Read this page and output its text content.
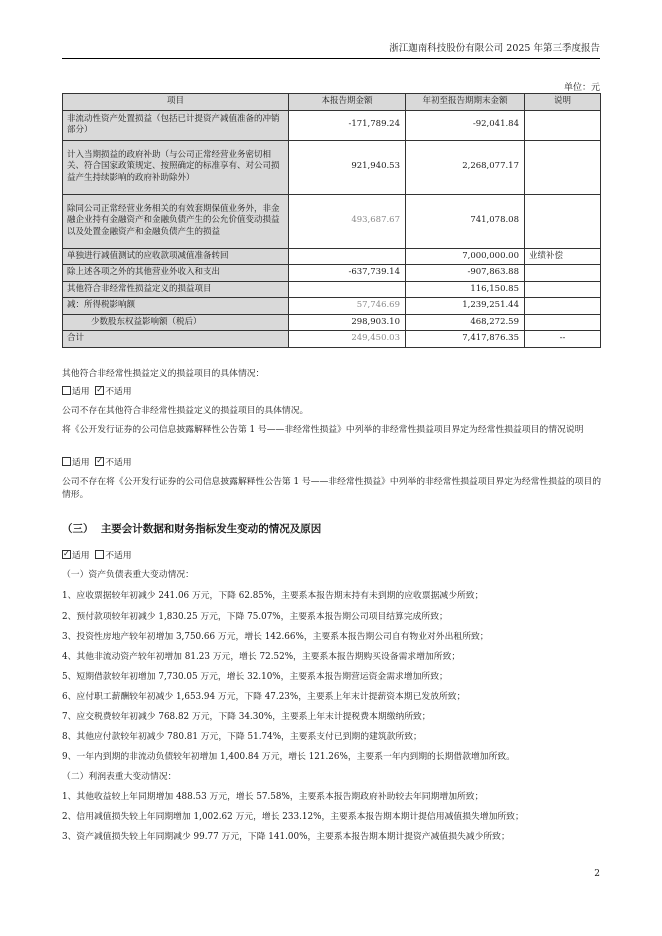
浙江迦南科技股份有限公司 2025 年第三季度报告
单位：元
项目	本报告期金额	年初至报告期期末金额	说明
非流动性资产处置损益（包括已计提资产减值准备的冲销部分）	-171,789.24	-92,041.84	
计入当期损益的政府补助（与公司正常经营业务密切相关、符合国家政策规定、按照确定的标准享有、对公司损益产生持续影响的政府补助除外）	921,940.53	2,268,077.17	
除同公司正常经营业务相关的有效套期保值业务外，非金融企业持有金融资产和金融负债产生的公允价值变动损益以及处置金融资产和金融负债产生的损益	493,687.67	741,078.08	
单独进行减值测试的应收款项减值准备转回		7,000,000.00	业绩补偿
除上述各项之外的其他营业外收入和支出	-637,739.14	-907,863.88	
其他符合非经常性损益定义的损益项目		116,150.85	
减：所得税影响额	57,746.69	1,239,251.44	
少数股东权益影响额（税后）	298,903.10	468,272.59	
合计	249,450.03	7,417,876.35	--
其他符合非经常性损益定义的损益项目的具体情况：
适用 ✓ 不适用
公司不存在其他符合非经常性损益定义的损益项目的具体情况。
将《公开发行证券的公司信息披露解释性公告第 1 号——非经常性损益》中列举的非经常性损益项目界定为经常性损益项目的情况说明
适用 ✓ 不适用
公司不存在将《公开发行证券的公司信息披露解释性公告第 1 号——非经常性损益》中列举的非经常性损益项目界定为经常性损益的项目的情形。
（三） 主要会计数据和财务指标发生变动的情况及原因
✓适用 不适用
（一）资产负债表重大变动情况：
1、应收票据较年初减少 241.06 万元，下降 62.85%，主要系本报告期末持有未到期的应收票据减少所致；
2、预付款项较年初减少 1,830.25 万元，下降 75.07%，主要系本报告期公司项目结算完成所致；
3、投资性房地产较年初增加 3,750.66 万元，增长 142.66%，主要系本报告期公司自有物业对外出租所致；
4、其他非流动资产较年初增加 81.23 万元，增长 72.52%，主要系本报告期购买设备需求增加所致；
5、短期借款较年初增加 7,730.05 万元，增长 32.10%，主要系本报告期营运资金需求增加所致；
6、应付职工薪酬较年初减少 1,653.94 万元，下降 47.23%，主要系上年末计提薪资本期已发放所致；
7、应交税费较年初减少 768.82 万元，下降 34.30%，主要系上年末计提税费本期缴纳所致；
8、其他应付款较年初减少 780.81 万元，下降 51.74%，主要系支付已到期的建筑款所致；
9、一年内到期的非流动负债较年初增加 1,400.84 万元，增长 121.26%，主要系一年内到期的长期借款增加所致。
（二）利润表重大变动情况：
1、其他收益较上年同期增加 488.53 万元，增长 57.58%，主要系本报告期政府补助较去年同期增加所致；
2、信用减值损失较上年同期增加 1,002.62 万元，增长 233.12%，主要系本报告期本期计提信用减值损失增加所致；
3、资产减值损失较上年同期减少 99.77 万元，下降 141.00%，主要系本报告期本期计提资产减值损失减少所致；
2
